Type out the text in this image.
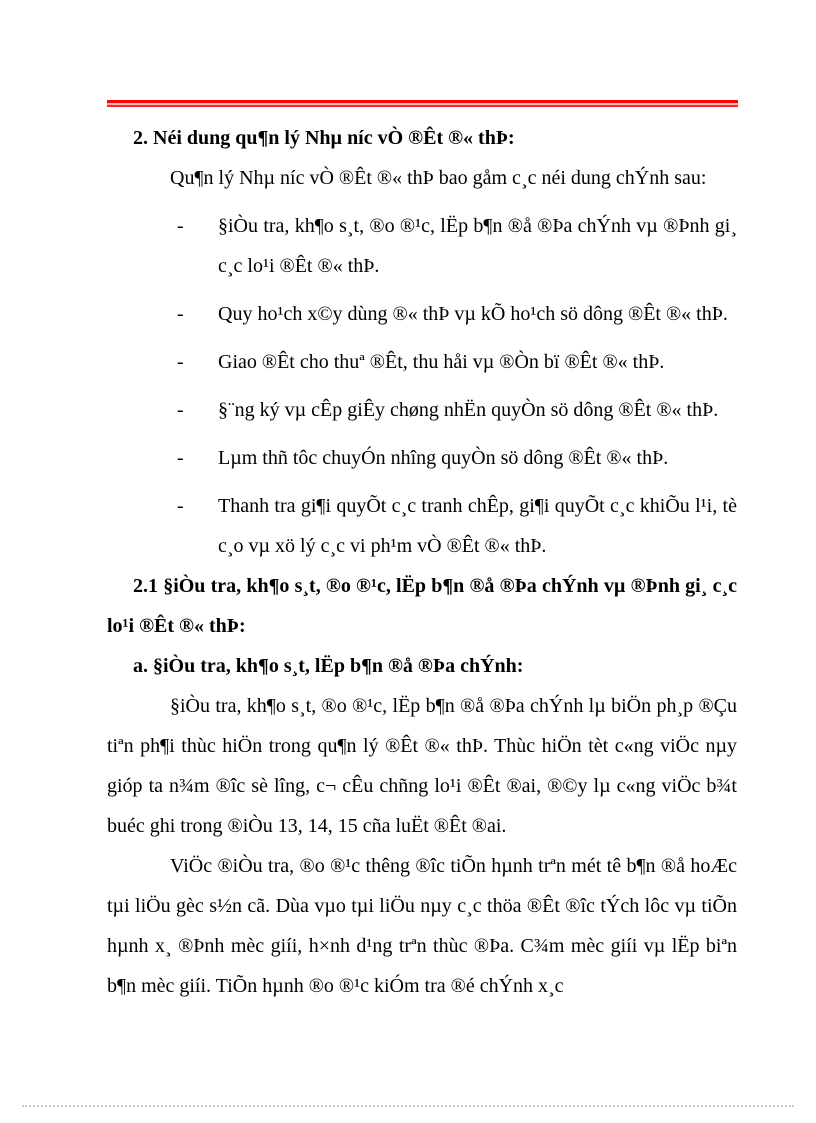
2. Néi dung qu¶n lý Nhµ níc vÒ ®Êt ®« thÞ:

Qu¶n lý Nhµ níc vÒ ®Êt ®« thÞ bao gåm c¸c néi dung chÝnh sau:

- §iÒu tra, kh¶o s¸t, ®o ®¹c, lËp b¶n ®å ®Þa chÝnh vµ ®Þnh gi¸ c¸c lo¹i ®Êt ®« thÞ.
- Quy ho¹ch x©y dùng ®« thÞ vµ kÕ ho¹ch sö dông ®Êt ®« thÞ.
- Giao ®Êt cho thuª ®Êt, thu håi vµ ®Òn bï ®Êt ®« thÞ.
- §¨ng ký vµ cÊp giÊy chøng nhËn quyÒn sö dông ®Êt ®« thÞ.
- Lµm thñ tôc chuyÓn nhîng quyÒn sö dông ®Êt ®« thÞ.
- Thanh tra gi¶i quyÕt c¸c tranh chÊp, gi¶i quyÕt c¸c khiÕu l¹i, tè c¸o vµ xö lý c¸c vi ph¹m vÒ ®Êt ®« thÞ.

2.1 §iÒu tra, kh¶o s¸t, ®o ®¹c, lËp b¶n ®å ®Þa chÝnh vµ ®Þnh gi¸ c¸c lo¹i ®Êt ®« thÞ:

a. §iÒu tra, kh¶o s¸t, lËp b¶n ®å ®Þa chÝnh:

§iÒu tra, kh¶o s¸t, ®o ®¹c, lËp b¶n ®å ®Þa chÝnh lµ biÖn ph¸p ®Çu tiªn ph¶i thùc hiÖn trong qu¶n lý ®Êt ®« thÞ. Thùc hiÖn tèt c«ng viÖc nµy gióp ta n¾m ®îc sè lîng, c¬ cÊu chñng lo¹i ®Êt ®ai, ®©y lµ c«ng viÖc b¾t buéc ghi trong ®iÒu 13, 14, 15 cña luËt ®Êt ®ai.

ViÖc ®iÒu tra, ®o ®¹c thêng ®îc tiÕn hµnh trªn mét tê b¶n ®å hoÆc tµi liÖu gèc s½n cã. Dùa vµo tµi liÖu nµy c¸c thöa ®Êt ®îc tÝch lôc vµ tiÕn hµnh x¸ ®Þnh mèc giíi, h×nh d¹ng trªn thùc ®Þa. C¾m mèc giíi vµ lËp biªn b¶n mèc giíi. TiÕn hµnh ®o ®¹c kiÓm tra ®é chÝnh x¸c
